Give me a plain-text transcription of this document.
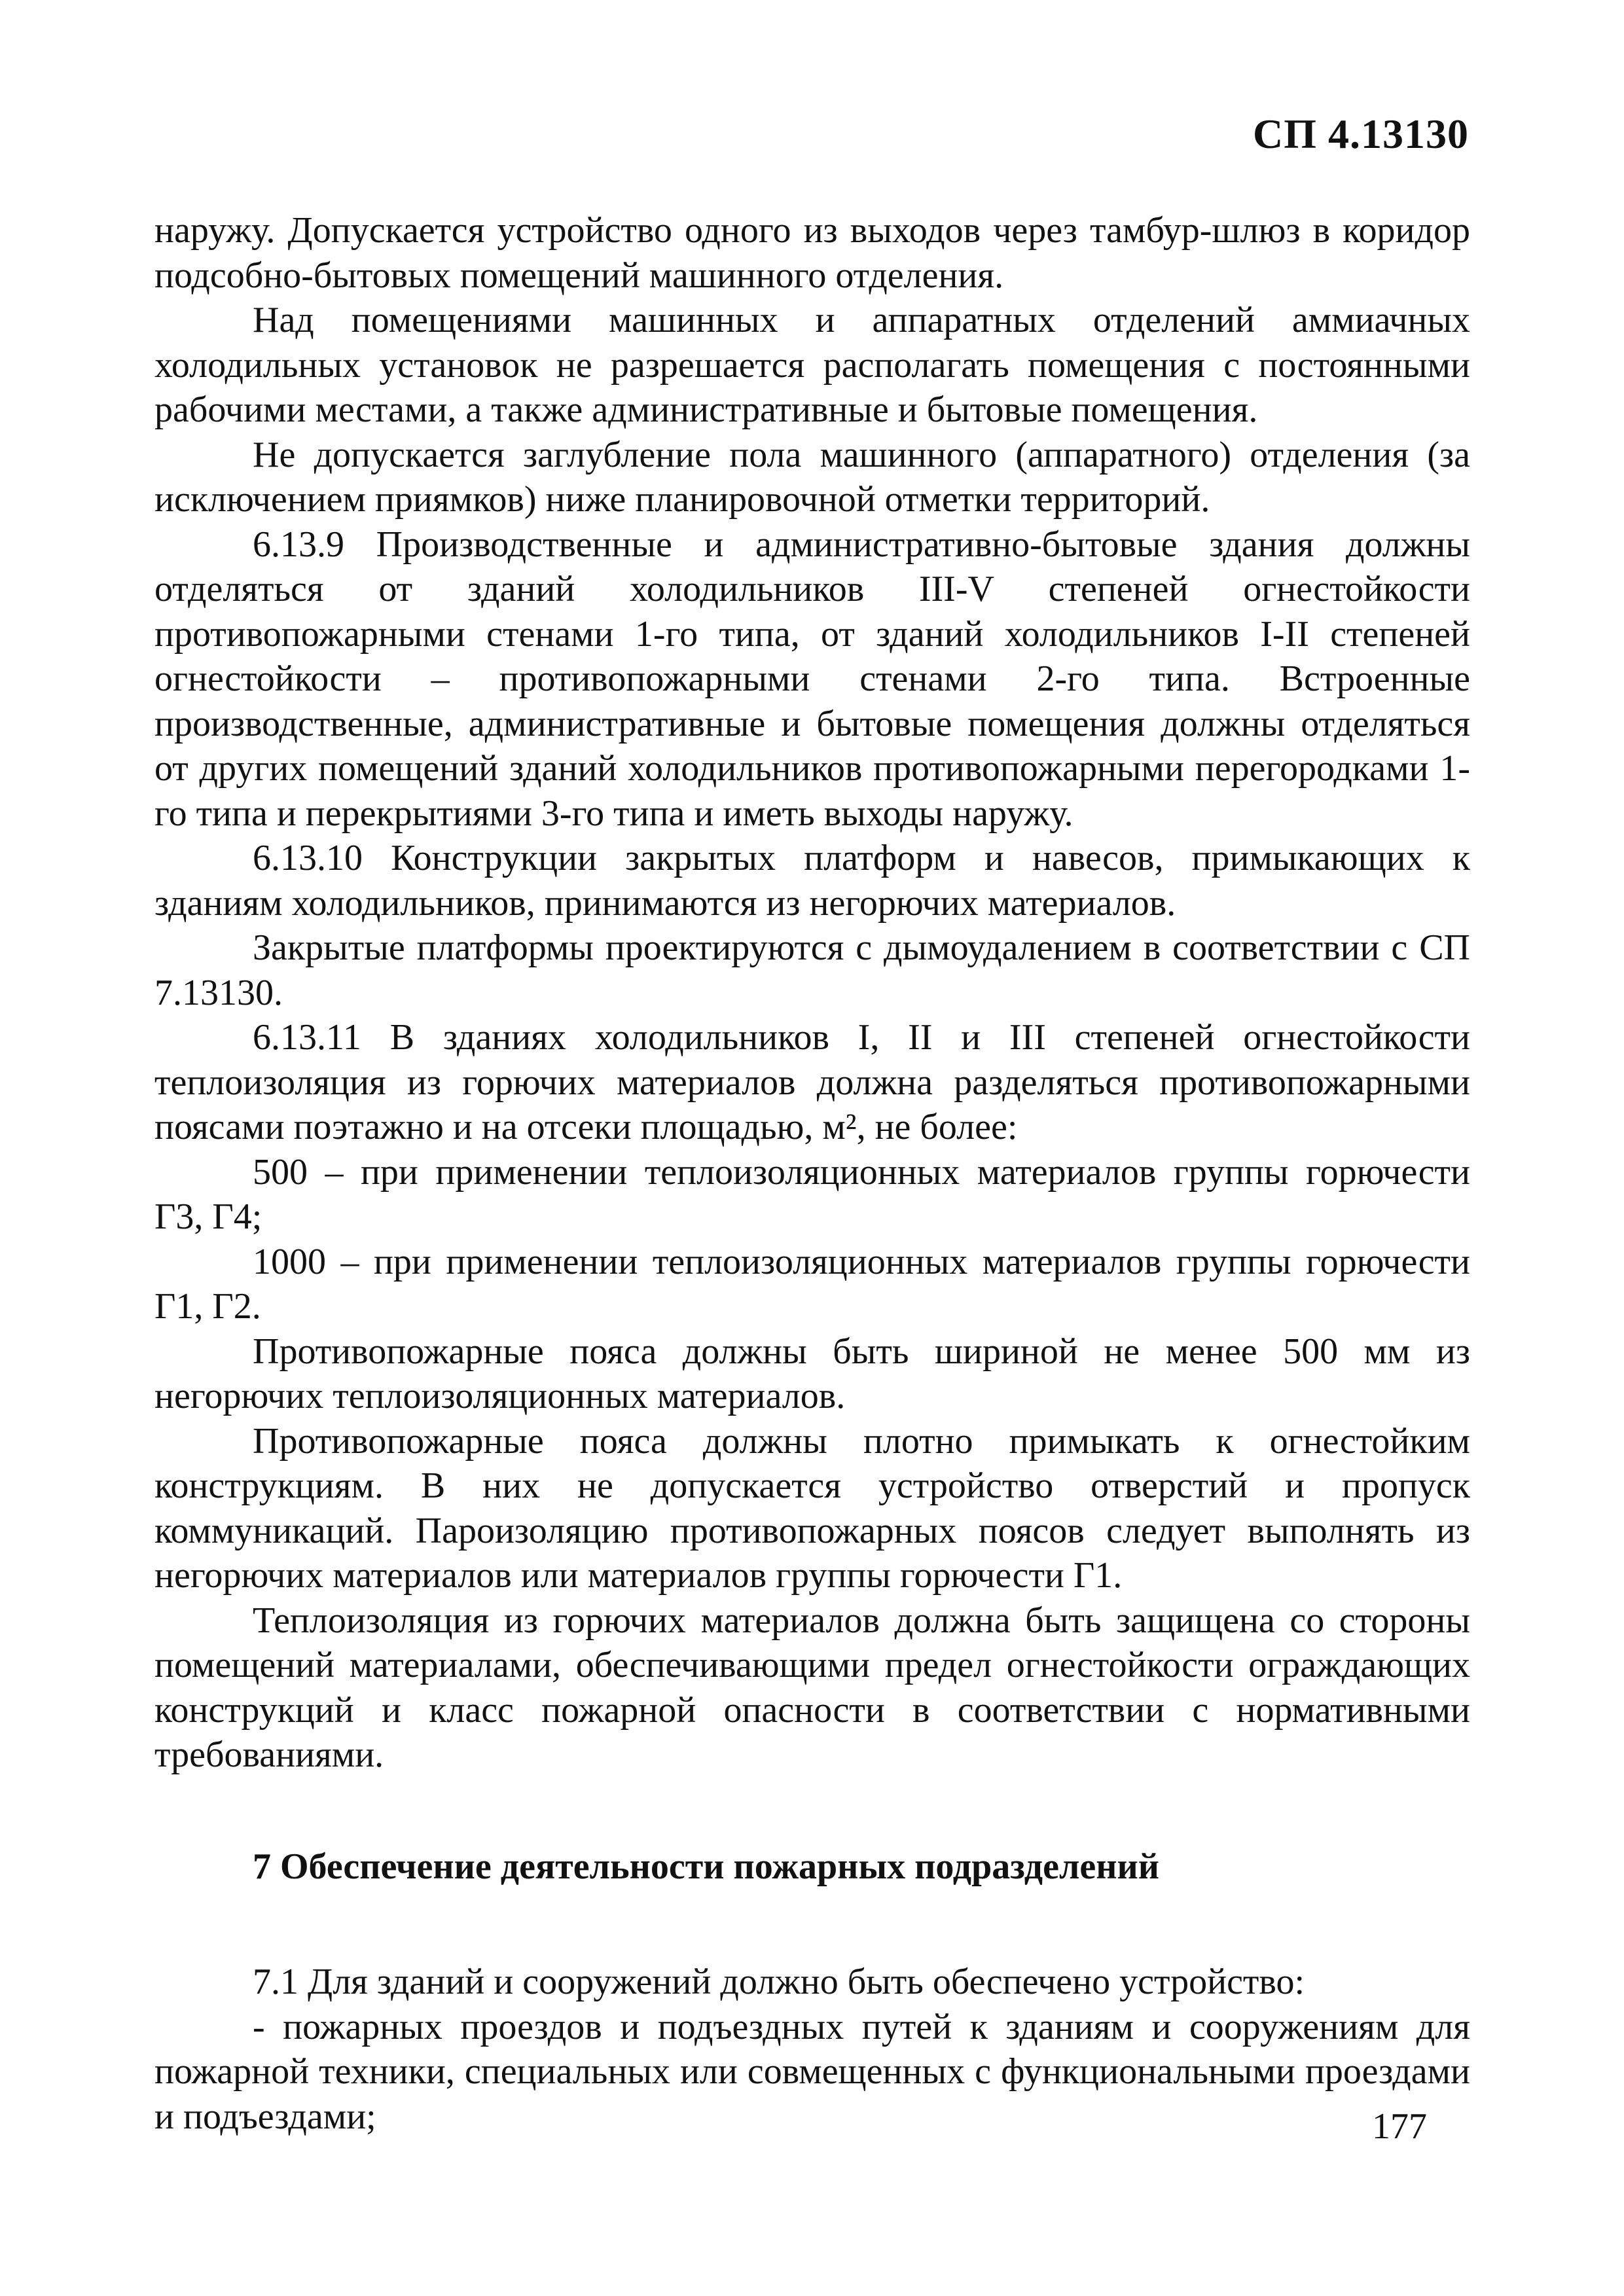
СП 4.13130

наружу. Допускается устройство одного из выходов через тамбур-шлюз в коридор подсобно-бытовых помещений машинного отделения.

Над помещениями машинных и аппаратных отделений аммиачных холодильных установок не разрешается располагать помещения с постоянными рабочими местами, а также административные и бытовые помещения.

Не допускается заглубление пола машинного (аппаратного) отделения (за исключением приямков) ниже планировочной отметки территорий.

6.13.9 Производственные и административно-бытовые здания должны отделяться от зданий холодильников III-V степеней огнестойкости противопожарными стенами 1-го типа, от зданий холодильников I-II степеней огнестойкости – противопожарными стенами 2-го типа. Встроенные производственные, административные и бытовые помещения должны отделяться от других помещений зданий холодильников противопожарными перегородками 1-го типа и перекрытиями 3-го типа и иметь выходы наружу.

6.13.10 Конструкции закрытых платформ и навесов, примыкающих к зданиям холодильников, принимаются из негорючих материалов.

Закрытые платформы проектируются с дымоудалением в соответствии с СП 7.13130.

6.13.11 В зданиях холодильников I, II и III степеней огнестойкости теплоизоляция из горючих материалов должна разделяться противопожарными поясами поэтажно и на отсеки площадью, м², не более:

500 – при применении теплоизоляционных материалов группы горючести Г3, Г4;

1000 – при применении теплоизоляционных материалов группы горючести Г1, Г2.

Противопожарные пояса должны быть шириной не менее 500 мм из негорючих теплоизоляционных материалов.

Противопожарные пояса должны плотно примыкать к огнестойким конструкциям. В них не допускается устройство отверстий и пропуск коммуникаций. Пароизоляцию противопожарных поясов следует выполнять из негорючих материалов или материалов группы горючести Г1.

Теплоизоляция из горючих материалов должна быть защищена со стороны помещений материалами, обеспечивающими предел огнестойкости ограждающих конструкций и класс пожарной опасности в соответствии с нормативными требованиями.

7 Обеспечение деятельности пожарных подразделений

7.1 Для зданий и сооружений должно быть обеспечено устройство:

- пожарных проездов и подъездных путей к зданиям и сооружениям для пожарной техники, специальных или совмещенных с функциональными проездами и подъездами;	177
